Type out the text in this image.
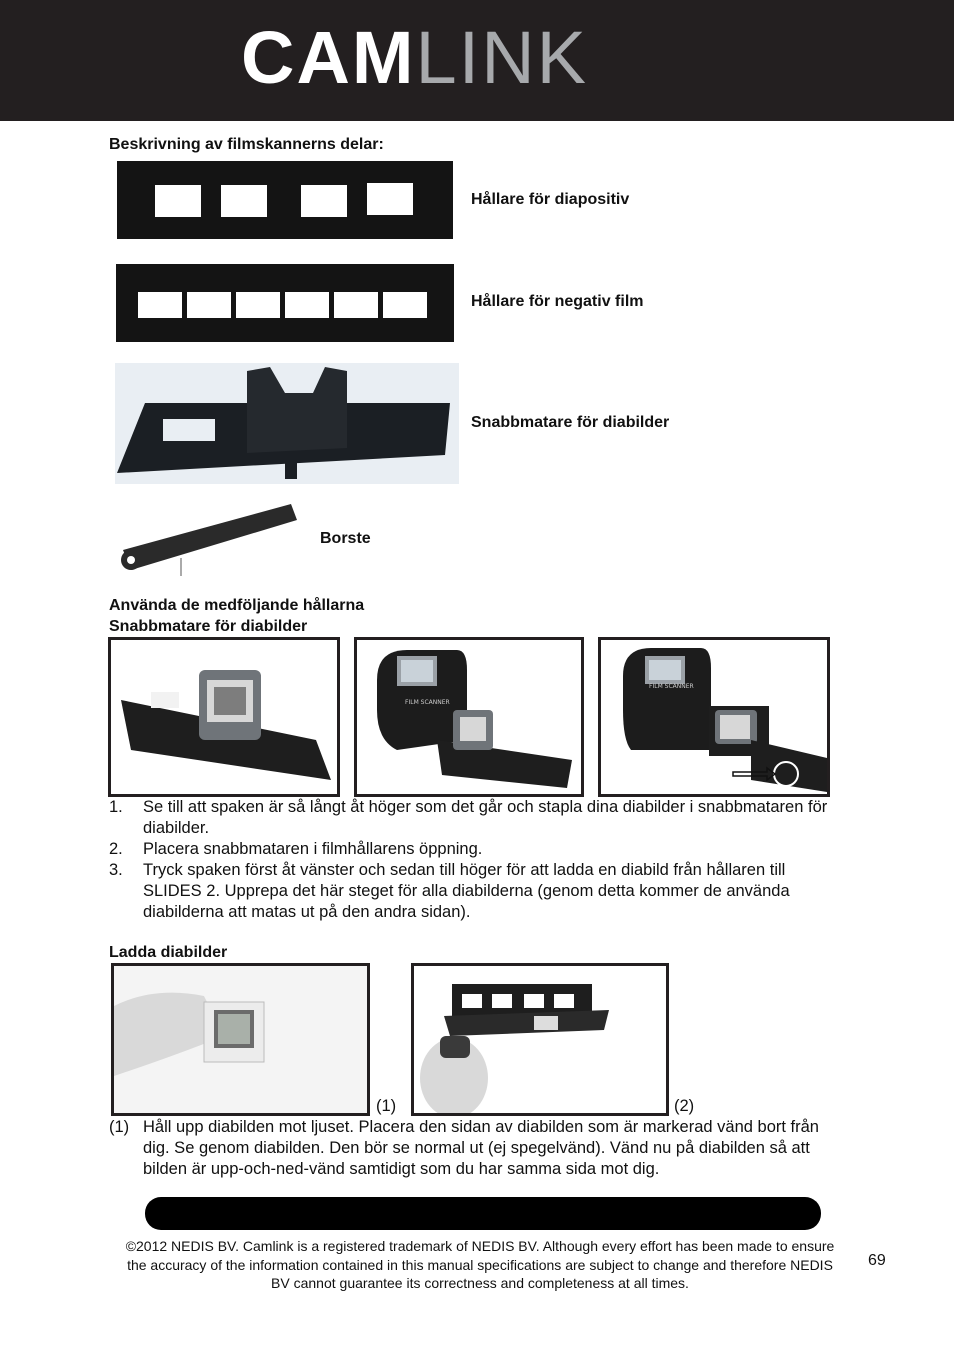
CAMLINK
Beskrivning av filmskannerns delar:
Hållare för diapositiv
Hållare för negativ film
Snabbmatare för diabilder
Borste
Använda de medföljande hållarna
Snabbmatare för diabilder
FILM SCANNER
FILM SCANNER
1. Se till att spaken är så långt åt höger som det går och stapla dina diabilder i snabbmataren för diabilder.
2. Placera snabbmataren i filmhållarens öppning.
3. Tryck spaken först åt vänster och sedan till höger för att ladda en diabild från hållaren till SLIDES 2. Upprepa det här steget för alla diabilderna (genom detta kommer de använda diabilderna att matas ut på den andra sidan).
Ladda diabilder
(1)	(2)
(1) Håll upp diabilden mot ljuset. Placera den sidan av diabilden som är markerad vänd bort från dig. Se genom diabilden. Den bör se normal ut (ej spegelvänd). Vänd nu på diabilden så att bilden är upp-och-ned-vänd samtidigt som du har samma sida mot dig.
©2012 NEDIS BV. Camlink is a registered trademark of NEDIS BV. Although every effort has been made to ensure the accuracy of the information contained in this manual specifications are subject to change and therefore NEDIS BV cannot guarantee its correctness and completeness at all times.
69
